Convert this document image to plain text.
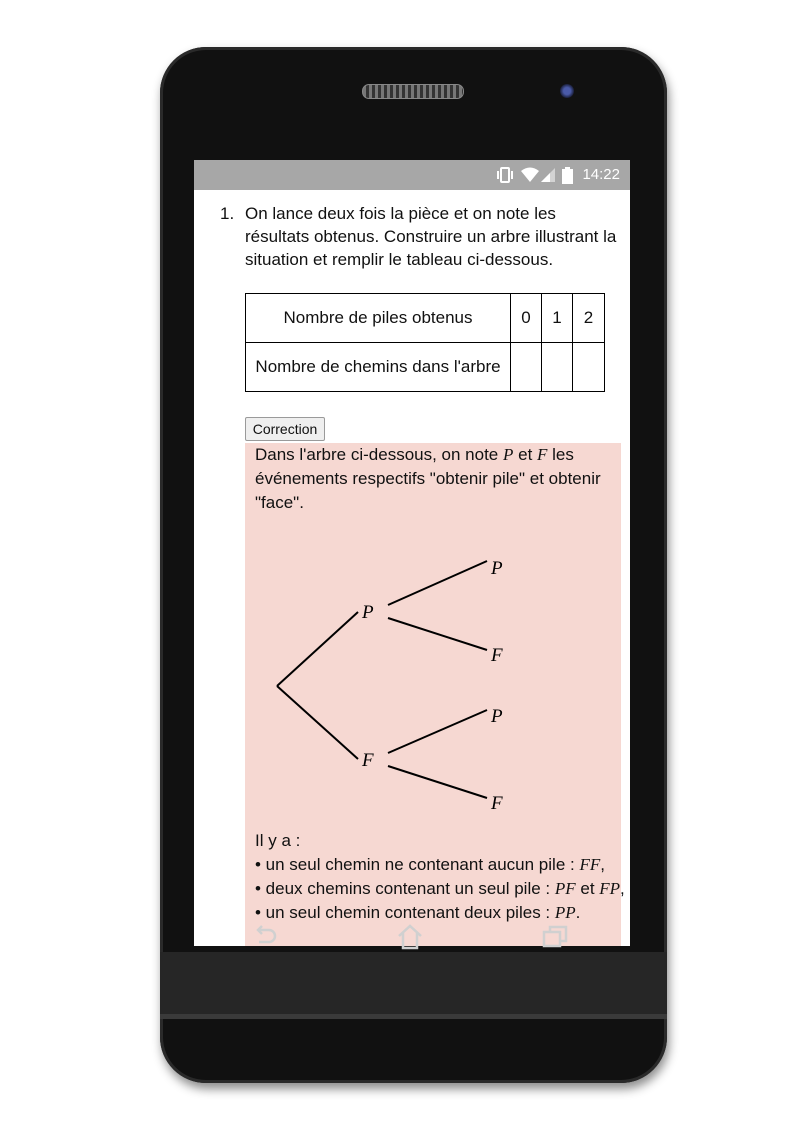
14:22
1. On lance deux fois la pièce et on note les résultats obtenus. Construire un arbre illustrant la situation et remplir le tableau ci-dessous.
Nombre de piles obtenus	0	1	2
Nombre de chemins dans l'arbre			
Correction
Dans l'arbre ci-dessous, on note P et F les événements respectifs "obtenir pile" et obtenir "face".
P
F
P
F
P
F
Il y a :
• un seul chemin ne contenant aucun pile : FF,
• deux chemins contenant un seul pile : PF et FP,
• un seul chemin contenant deux piles : PP.
